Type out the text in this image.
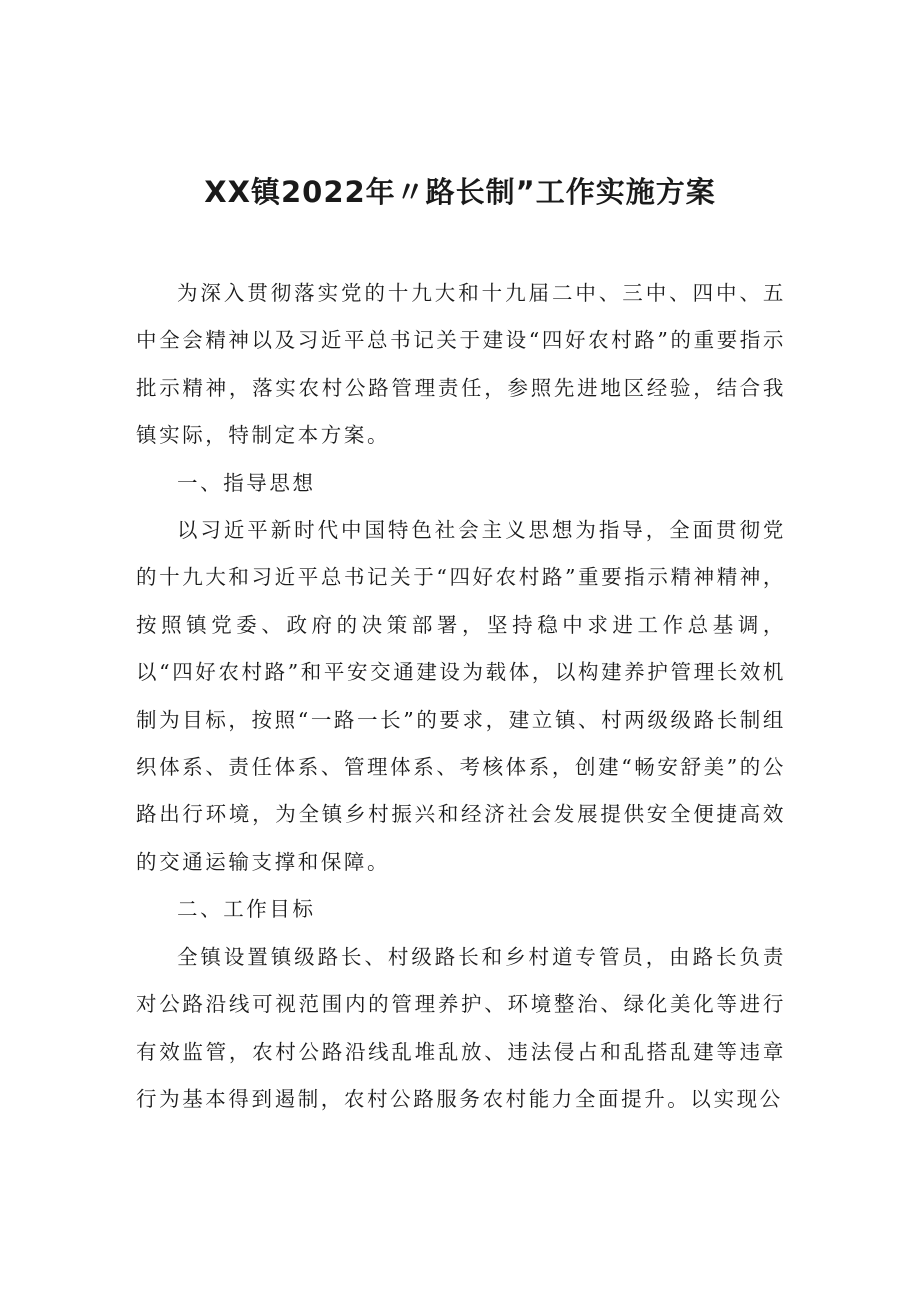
XX镇2022年〃路长制”工作实施方案

为深入贯彻落实党的十九大和十九届二中、三中、四中、五中全会精神以及习近平总书记关于建设“四好农村路”的重要指示批示精神，落实农村公路管理责任，参照先进地区经验，结合我镇实际，特制定本方案。

一、指导思想

以习近平新时代中国特色社会主义思想为指导，全面贯彻党的十九大和习近平总书记关于“四好农村路”重要指示精神精神，按照镇党委、政府的决策部署，坚持稳中求进工作总基调，以“四好农村路”和平安交通建设为载体，以构建养护管理长效机制为目标，按照“一路一长”的要求，建立镇、村两级级路长制组织体系、责任体系、管理体系、考核体系，创建“畅安舒美”的公路出行环境，为全镇乡村振兴和经济社会发展提供安全便捷高效的交通运输支撑和保障。

二、工作目标

全镇设置镇级路长、村级路长和乡村道专管员，由路长负责对公路沿线可视范围内的管理养护、环境整治、绿化美化等进行有效监管，农村公路沿线乱堆乱放、违法侵占和乱搭乱建等违章行为基本得到遏制，农村公路服务农村能力全面提升。以实现公
